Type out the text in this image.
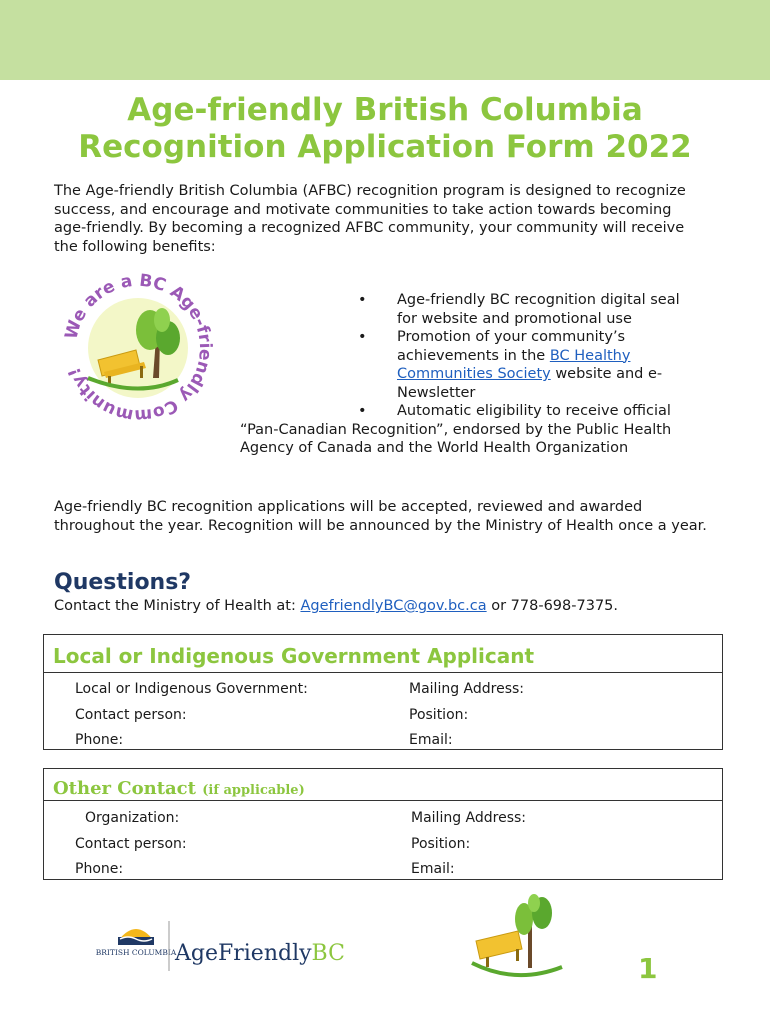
Age-friendly British Columbia
Recognition Application Form 2022

The Age-friendly British Columbia (AFBC) recognition program is designed to recognize success, and encourage and motivate communities to take action towards becoming age-friendly. By becoming a recognized AFBC community, your community will receive the following benefits:

We are a BC Age-friendly Community!
• Age-friendly BC recognition digital seal for website and promotional use
• Promotion of your community’s achievements in the BC Healthy Communities Society website and e-Newsletter
• Automatic eligibility to receive official
“Pan-Canadian Recognition”, endorsed by the Public Health Agency of Canada and the World Health Organization

Age-friendly BC recognition applications will be accepted, reviewed and awarded throughout the year. Recognition will be announced by the Ministry of Health once a year.

Questions?

Contact the Ministry of Health at: AgefriendlyBC@gov.bc.ca or 778-698-7375.

Local or Indigenous Government Applicant
Local or Indigenous Government:	Mailing Address:
Contact person:	Position:
Phone:	Email:
Other Contact (if applicable)
Organization:	Mailing Address:
Contact person:	Position:
Phone:	Email:
BRITISH COLUMBIA
AgeFriendlyBC	1
